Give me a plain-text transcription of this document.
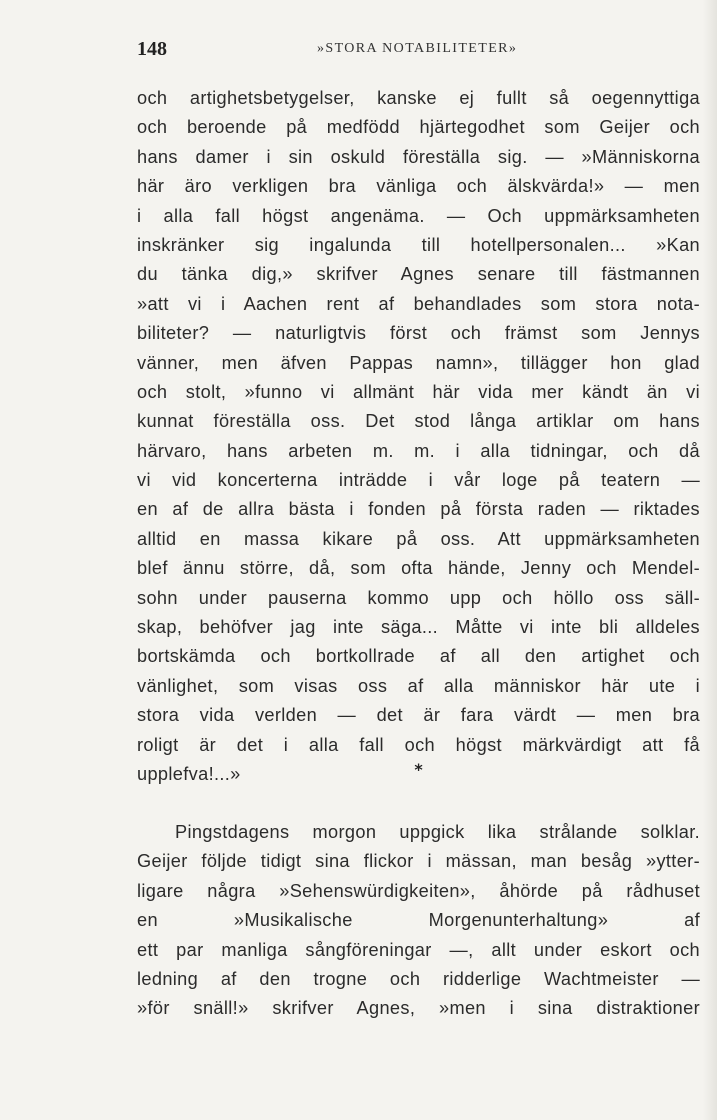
148	»STORA NOTABILITETER»
och artighetsbetygelser, kanske ej fullt så oegennyttiga
och beroende på medfödd hjärtegodhet som Geijer och
hans damer i sin oskuld föreställa sig. — »Människorna
här äro verkligen bra vänliga och älskvärda!» — men
i alla fall högst angenäma. — Och uppmärksamheten
inskränker sig ingalunda till hotellpersonalen... »Kan
du tänka dig,» skrifver Agnes senare till fästmannen
»att vi i Aachen rent af behandlades som stora nota-
biliteter? — naturligtvis först och främst som Jennys
vänner, men äfven Pappas namn», tillägger hon glad
och stolt, »funno vi allmänt här vida mer kändt än vi
kunnat föreställa oss. Det stod långa artiklar om hans
härvaro, hans arbeten m. m. i alla tidningar, och då
vi vid koncerterna inträdde i vår loge på teatern —
en af de allra bästa i fonden på första raden — riktades
alltid en massa kikare på oss. Att uppmärksamheten
blef ännu större, då, som ofta hände, Jenny och Mendel-
sohn under pauserna kommo upp och höllo oss säll-
skap, behöfver jag inte säga... Måtte vi inte bli alldeles
bortskämda och bortkollrade af all den artighet och
vänlighet, som visas oss af alla människor här ute i
stora vida verlden — det är fara värdt — men bra
roligt är det i alla fall och högst märkvärdigt att få
upplefva!...»	*
Pingstdagens morgon uppgick lika strålande solklar.
Geijer följde tidigt sina flickor i mässan, man besåg »ytter-
ligare några »Sehenswürdigkeiten», åhörde på rådhuset
en »Musikalische Morgenunterhaltung» af
ett par manliga sångföreningar —, allt under eskort och
ledning af den trogne och ridderlige Wachtmeister —
»för snäll!» skrifver Agnes, »men i sina distraktioner
